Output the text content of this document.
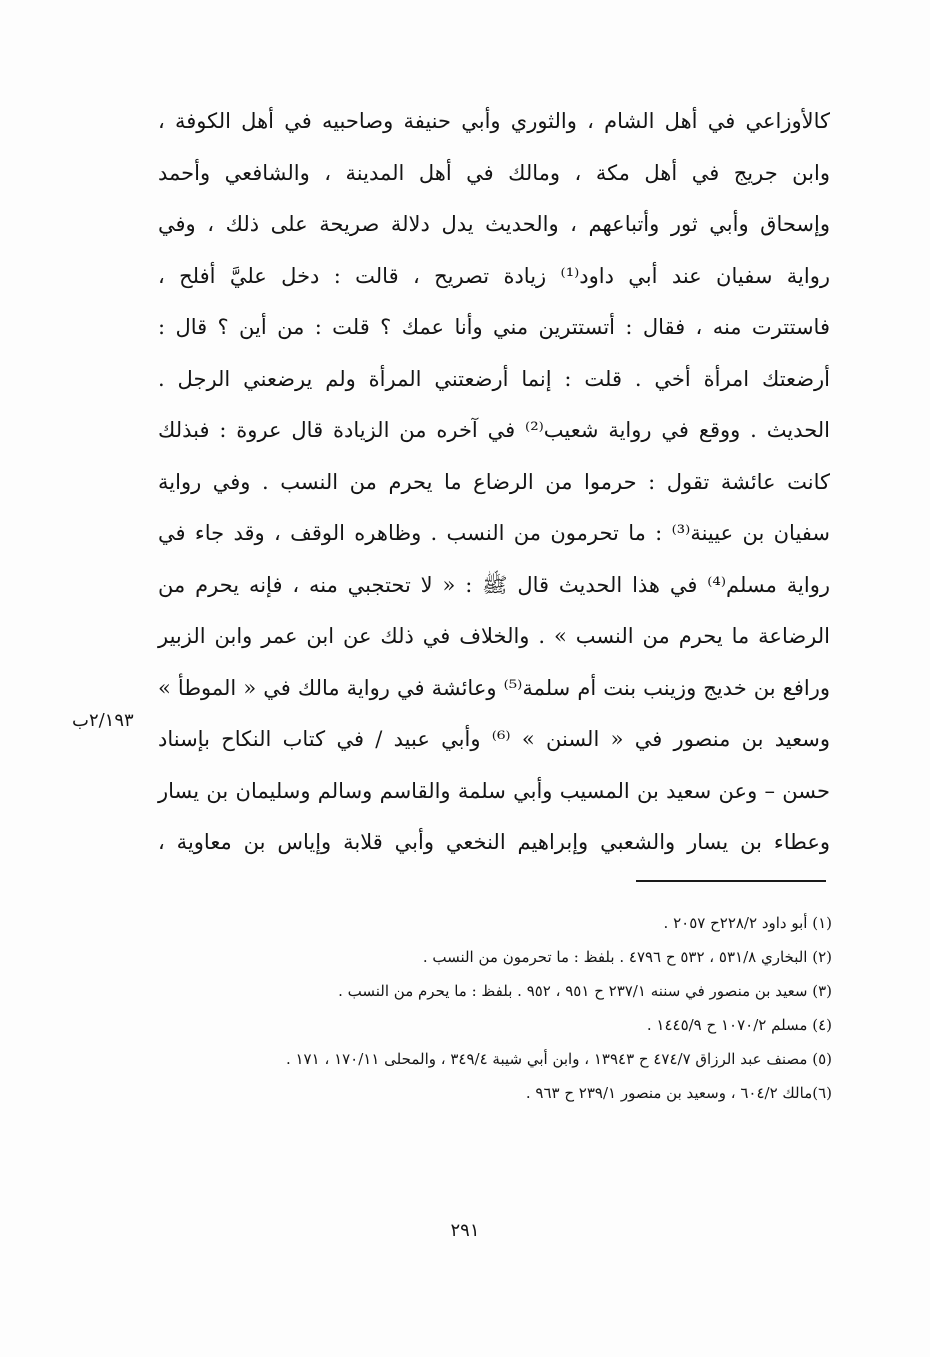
كالأوزاعي في أهل الشام ، والثوري وأبي حنيفة وصاحبيه في أهل الكوفة ،
وابن جريج في أهل مكة ، ومالك في أهل المدينة ، والشافعي وأحمد
وإسحاق وأبي ثور وأتباعهم ، والحديث يدل دلالة صريحة على ذلك ، وفي
رواية سفيان عند أبي داود⁽¹⁾ زيادة تصريح ، قالت : دخل عليَّ أفلح ،
فاستترت منه ، فقال : أتستترين مني وأنا عمك ؟ قلت : من أين ؟ قال :
أرضعتك امرأة أخي . قلت : إنما أرضعتني المرأة ولم يرضعني الرجل .
الحديث . ووقع في رواية شعيب⁽²⁾ في آخره من الزيادة قال عروة : فبذلك
كانت عائشة تقول : حرموا من الرضاع ما يحرم من النسب . وفي رواية
سفيان بن عيينة⁽³⁾ : ما تحرمون من النسب . وظاهره الوقف ، وقد جاء في
رواية مسلم⁽⁴⁾ في هذا الحديث قال ﷺ : « لا تحتجبي منه ، فإنه يحرم من
الرضاعة ما يحرم من النسب » . والخلاف في ذلك عن ابن عمر وابن الزبير
ورافع بن خديج وزينب بنت أم سلمة⁽⁵⁾ وعائشة في رواية مالك في « الموطأ »
وسعيد بن منصور في « السنن » ⁽⁶⁾ وأبي عبيد / في كتاب النكاح بإسناد
حسن – وعن سعيد بن المسيب وأبي سلمة والقاسم وسالم وسليمان بن يسار
وعطاء بن يسار والشعبي وإبراهيم النخعي وأبي قلابة وإياس بن معاوية ،
٢/١٩٣ب
(١) أبو داود ٢٢٨/٢ح ٢٠٥٧ .
(٢) البخاري ٥٣١/٨ ، ٥٣٢ ح ٤٧٩٦ . بلفظ : ما تحرمون من النسب .
(٣) سعيد بن منصور في سننه ٢٣٧/١ ح ٩٥١ ، ٩٥٢ . بلفظ : ما يحرم من النسب .
(٤) مسلم ١٠٧٠/٢ ح ١٤٤٥/٩ .
(٥) مصنف عبد الرزاق ٤٧٤/٧ ح ١٣٩٤٣ ، وابن أبي شيبة ٣٤٩/٤ ، والمحلى ١٧٠/١١ ، ١٧١ .
(٦)مالك ٦٠٤/٢ ، وسعيد بن منصور ٢٣٩/١ ح ٩٦٣ .
٢٩١
